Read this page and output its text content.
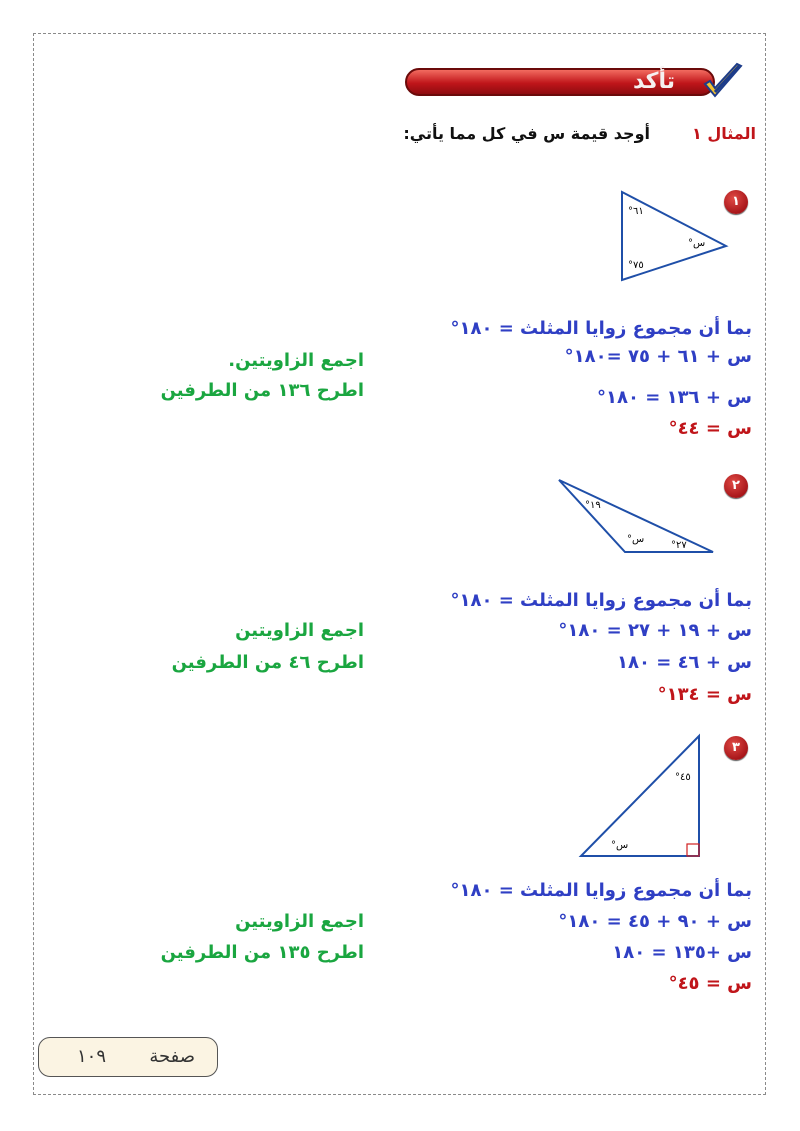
تأكد
المثال ١
أوجد قيمة س في كل مما يأتي:
١
°٦١
°س
°٧٥
بما أن مجموع زوايا المثلث = ١٨٠°
س + ٦١ + ٧٥ =١٨٠°
س + ١٣٦ = ١٨٠°
س = ٤٤°
اجمع الزاويتين.
اطرح ١٣٦ من الطرفين
٢
°١٩
°س
°٢٧
بما أن مجموع زوايا المثلث = ١٨٠°
س + ١٩ + ٢٧ = ١٨٠°
س + ٤٦ = ١٨٠
س = ١٣٤°
اجمع الزاويتين
اطرح ٤٦ من الطرفين
٣
°٤٥
°س
بما أن مجموع زوايا المثلث = ١٨٠°
س + ٩٠ + ٤٥ = ١٨٠°
س +١٣٥ = ١٨٠
س = ٤٥°
اجمع الزاويتين
اطرح ١٣٥ من الطرفين
صفحة
١٠٩
